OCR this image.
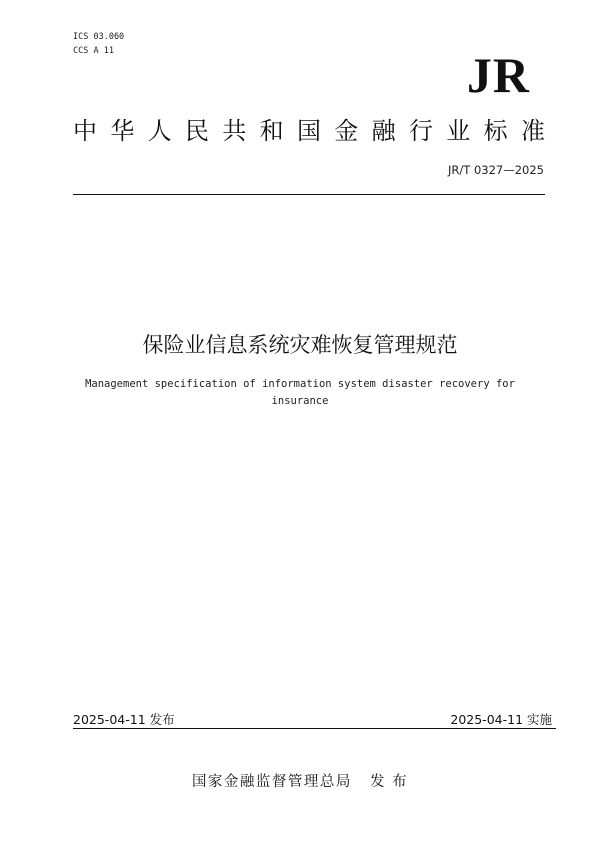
ICS 03.060
CCS A 11	JR
中 华 人 民 共 和 国 金 融 行 业 标 准
JR/T 0327—2025
保险业信息系统灾难恢复管理规范
Management specification of information system disaster recovery for
insurance
2025-04-11 发布	2025-04-11 实施
国家金融监督管理总局 发 布
